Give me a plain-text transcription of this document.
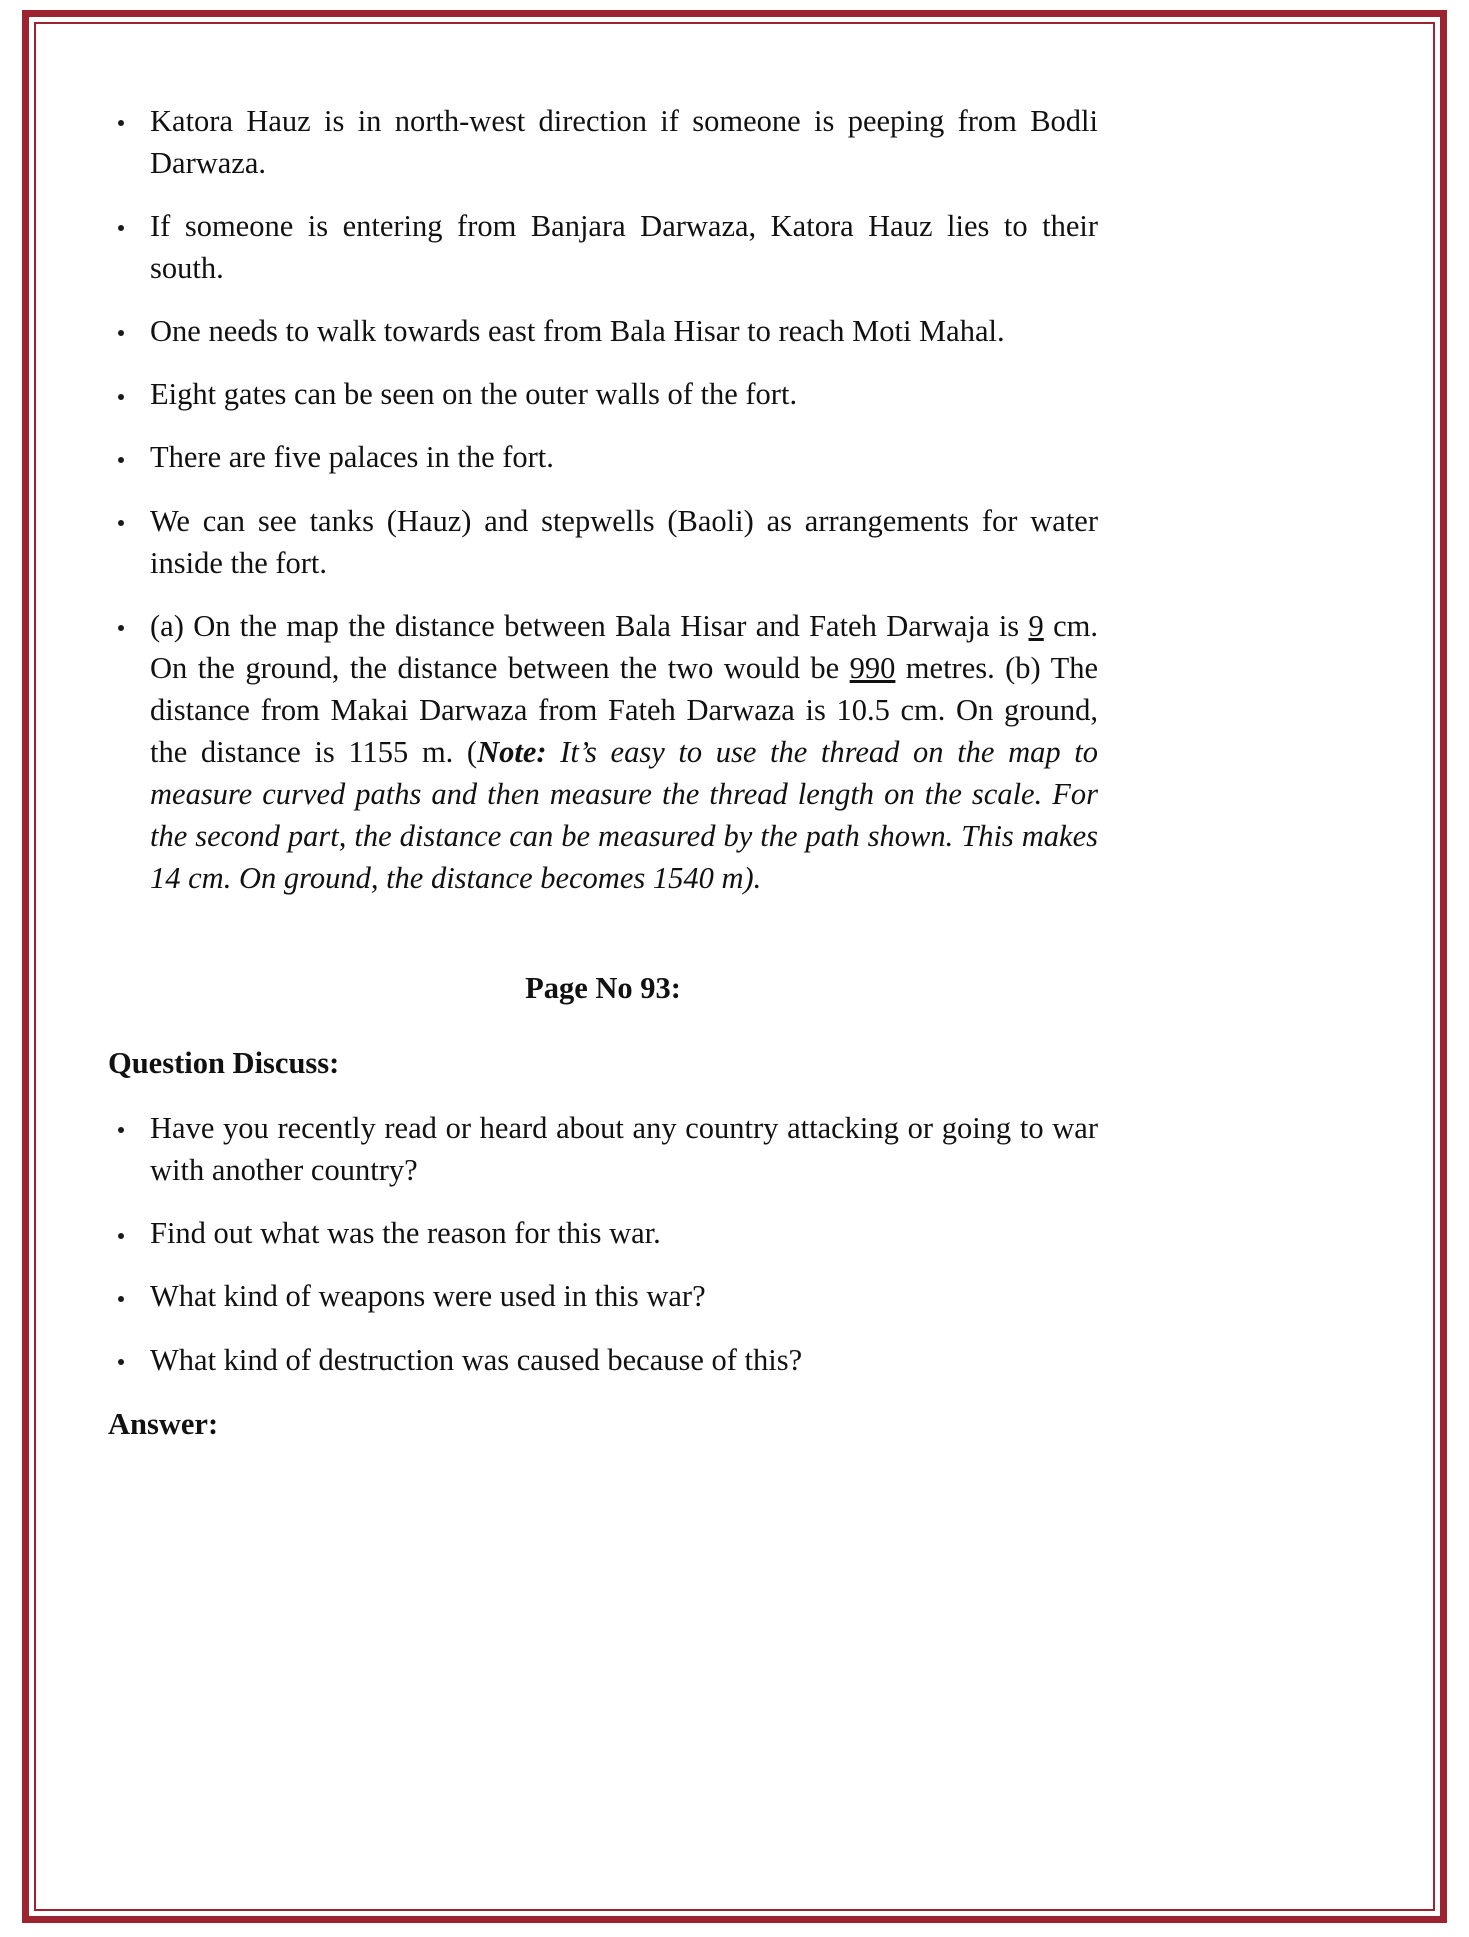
Katora Hauz is in north-west direction if someone is peeping from Bodli Darwaza.
If someone is entering from Banjara Darwaza, Katora Hauz lies to their south.
One needs to walk towards east from Bala Hisar to reach Moti Mahal.
Eight gates can be seen on the outer walls of the fort.
There are five palaces in the fort.
We can see tanks (Hauz) and stepwells (Baoli) as arrangements for water inside the fort.
(a) On the map the distance between Bala Hisar and Fateh Darwaja is 9 cm. On the ground, the distance between the two would be 990 metres. (b) The distance from Makai Darwaza from Fateh Darwaza is 10.5 cm. On ground, the distance is 1155 m. (Note: It’s easy to use the thread on the map to measure curved paths and then measure the thread length on the scale. For the second part, the distance can be measured by the path shown. This makes 14 cm. On ground, the distance becomes 1540 m).
Page No 93:
Question Discuss:
Have you recently read or heard about any country attacking or going to war with another country?
Find out what was the reason for this war.
What kind of weapons were used in this war?
What kind of destruction was caused because of this?
Answer:
